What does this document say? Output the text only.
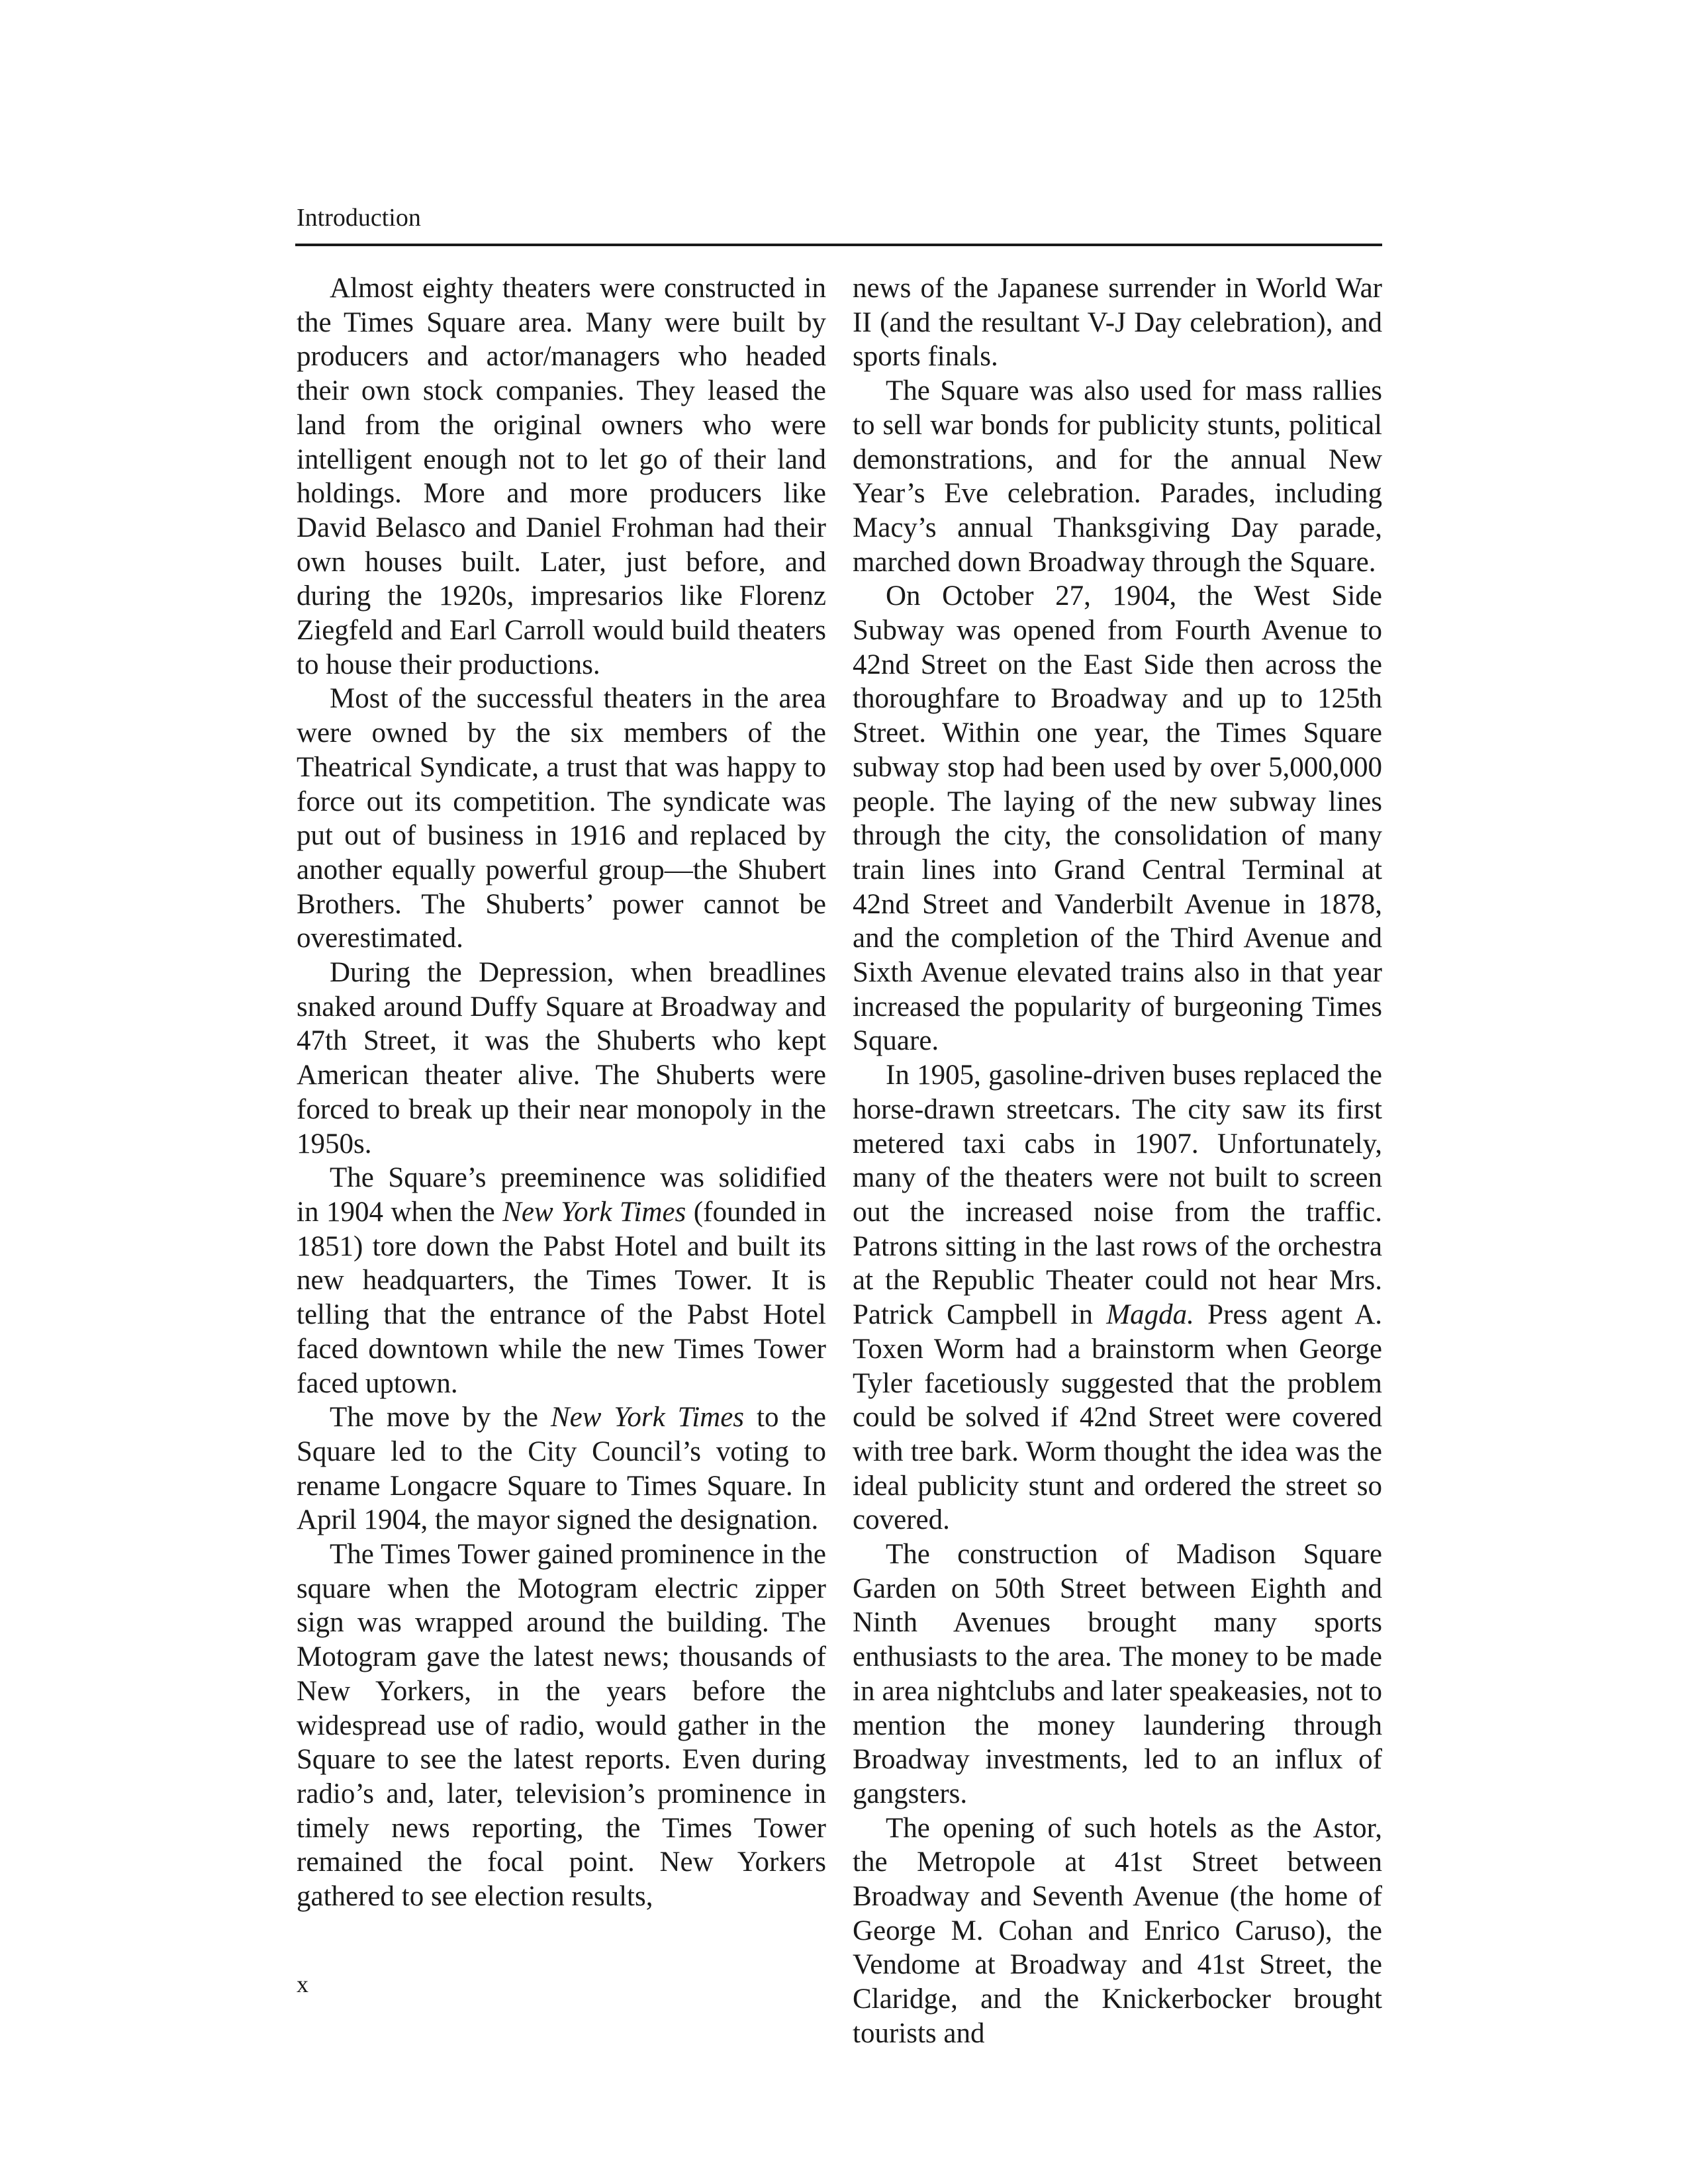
Introduction

Almost eighty theaters were constructed in the Times Square area. Many were built by producers and actor/managers who headed their own stock companies. They leased the land from the original owners who were intelligent enough not to let go of their land holdings. More and more producers like David Belasco and Daniel Frohman had their own houses built. Later, just before, and during the 1920s, impresarios like Florenz Ziegfeld and Earl Carroll would build theaters to house their productions.

Most of the successful theaters in the area were owned by the six members of the Theatrical Syndicate, a trust that was happy to force out its competition. The syndicate was put out of business in 1916 and replaced by another equally powerful group—the Shubert Brothers. The Shuberts’ power cannot be overestimated.

During the Depression, when breadlines snaked around Duffy Square at Broadway and 47th Street, it was the Shuberts who kept American theater alive. The Shuberts were forced to break up their near monopoly in the 1950s.

The Square’s preeminence was solidified in 1904 when the New York Times (founded in 1851) tore down the Pabst Hotel and built its new headquarters, the Times Tower. It is telling that the entrance of the Pabst Hotel faced downtown while the new Times Tower faced uptown.

The move by the New York Times to the Square led to the City Council’s voting to rename Longacre Square to Times Square. In April 1904, the mayor signed the designation.

The Times Tower gained prominence in the square when the Motogram electric zipper sign was wrapped around the building. The Motogram gave the latest news; thousands of New Yorkers, in the years before the widespread use of radio, would gather in the Square to see the latest reports. Even during radio’s and, later, television’s prominence in timely news reporting, the Times Tower remained the focal point. New Yorkers gathered to see election results,

news of the Japanese surrender in World War II (and the resultant V-J Day celebration), and sports finals.

The Square was also used for mass rallies to sell war bonds for publicity stunts, political demonstrations, and for the annual New Year’s Eve celebration. Parades, including Macy’s annual Thanksgiving Day parade, marched down Broadway through the Square.

On October 27, 1904, the West Side Subway was opened from Fourth Avenue to 42nd Street on the East Side then across the thoroughfare to Broadway and up to 125th Street. Within one year, the Times Square subway stop had been used by over 5,000,000 people. The laying of the new subway lines through the city, the consolidation of many train lines into Grand Central Terminal at 42nd Street and Vanderbilt Avenue in 1878, and the completion of the Third Avenue and Sixth Avenue elevated trains also in that year increased the popularity of burgeoning Times Square.

In 1905, gasoline-driven buses replaced the horse-drawn streetcars. The city saw its first metered taxi cabs in 1907. Unfortunately, many of the theaters were not built to screen out the increased noise from the traffic. Patrons sitting in the last rows of the orchestra at the Republic Theater could not hear Mrs. Patrick Campbell in Magda. Press agent A. Toxen Worm had a brainstorm when George Tyler facetiously suggested that the problem could be solved if 42nd Street were covered with tree bark. Worm thought the idea was the ideal publicity stunt and ordered the street so covered.

The construction of Madison Square Garden on 50th Street between Eighth and Ninth Avenues brought many sports enthusiasts to the area. The money to be made in area nightclubs and later speakeasies, not to mention the money laundering through Broadway investments, led to an influx of gangsters.

The opening of such hotels as the Astor, the Metropole at 41st Street between Broadway and Seventh Avenue (the home of George M. Cohan and Enrico Caruso), the Vendome at Broadway and 41st Street, the Claridge, and the Knickerbocker brought tourists and

x
